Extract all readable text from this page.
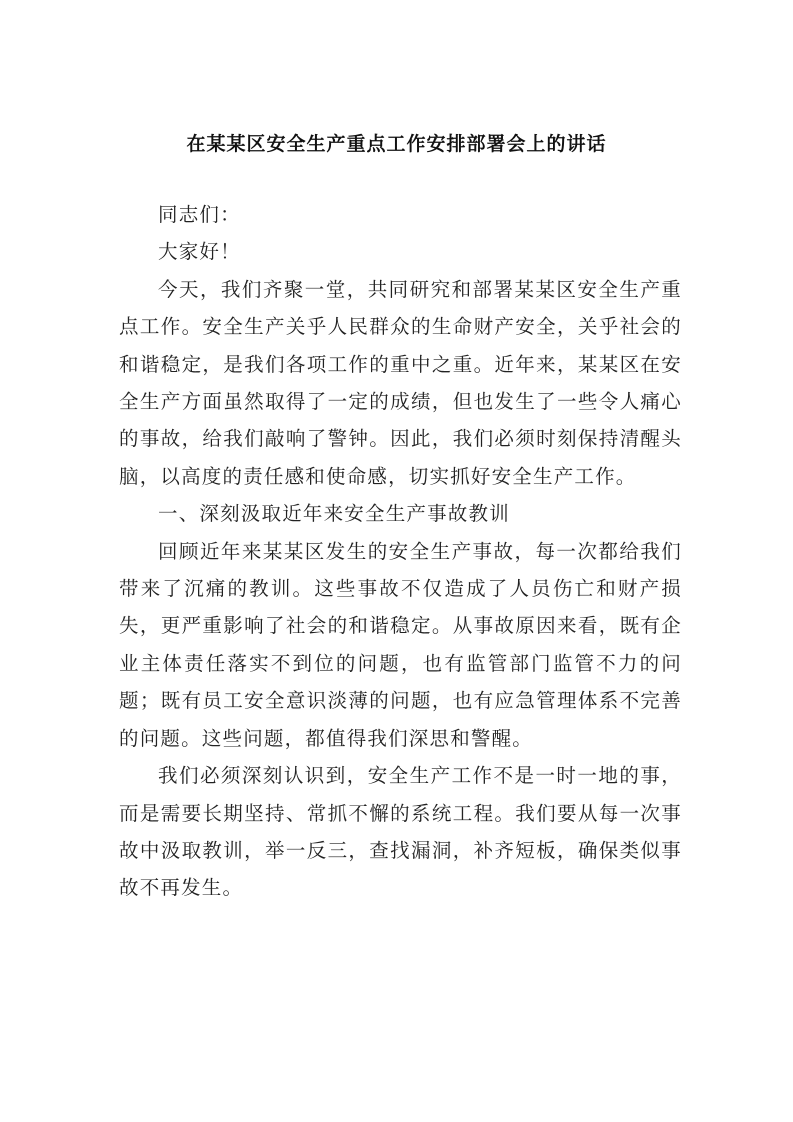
在某某区安全生产重点工作安排部署会上的讲话

同志们：

大家好！

今天，我们齐聚一堂，共同研究和部署某某区安全生产重点工作。安全生产关乎人民群众的生命财产安全，关乎社会的和谐稳定，是我们各项工作的重中之重。近年来，某某区在安全生产方面虽然取得了一定的成绩，但也发生了一些令人痛心的事故，给我们敲响了警钟。因此，我们必须时刻保持清醒头脑，以高度的责任感和使命感，切实抓好安全生产工作。

一、深刻汲取近年来安全生产事故教训

回顾近年来某某区发生的安全生产事故，每一次都给我们带来了沉痛的教训。这些事故不仅造成了人员伤亡和财产损失，更严重影响了社会的和谐稳定。从事故原因来看，既有企业主体责任落实不到位的问题，也有监管部门监管不力的问题；既有员工安全意识淡薄的问题，也有应急管理体系不完善的问题。这些问题，都值得我们深思和警醒。

我们必须深刻认识到，安全生产工作不是一时一地的事，而是需要长期坚持、常抓不懈的系统工程。我们要从每一次事故中汲取教训，举一反三，查找漏洞，补齐短板，确保类似事故不再发生。
